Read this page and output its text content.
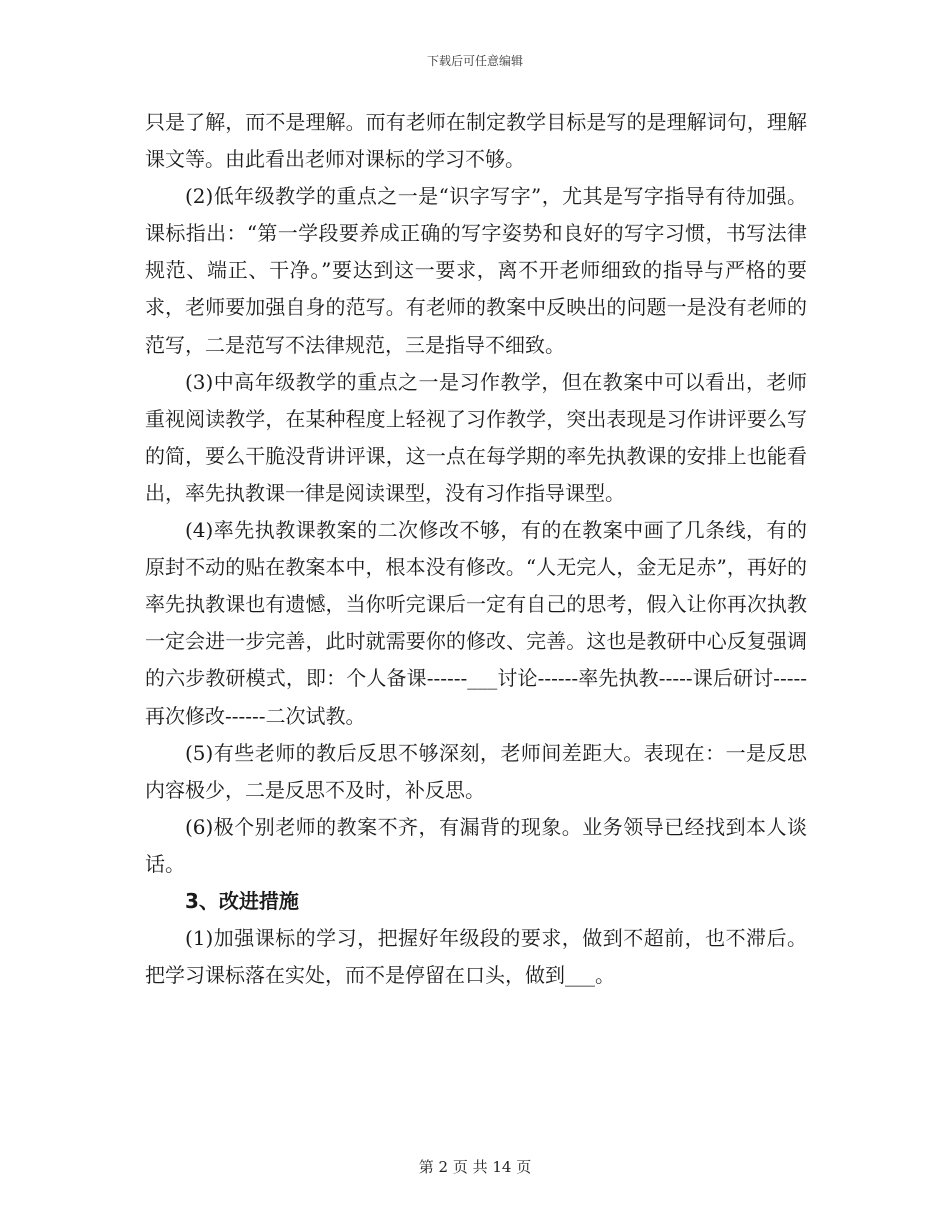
下载后可任意编辑

只是了解，而不是理解。而有老师在制定教学目标是写的是理解词句，理解课文等。由此看出老师对课标的学习不够。

(2)低年级教学的重点之一是“识字写字”，尤其是写字指导有待加强。课标指出：“第一学段要养成正确的写字姿势和良好的写字习惯，书写法律规范、端正、干净。”要达到这一要求，离不开老师细致的指导与严格的要求，老师要加强自身的范写。有老师的教案中反映出的问题一是没有老师的范写，二是范写不法律规范，三是指导不细致。

(3)中高年级教学的重点之一是习作教学，但在教案中可以看出，老师重视阅读教学，在某种程度上轻视了习作教学，突出表现是习作讲评要么写的简，要么干脆没背讲评课，这一点在每学期的率先执教课的安排上也能看出，率先执教课一律是阅读课型，没有习作指导课型。

(4)率先执教课教案的二次修改不够，有的在教案中画了几条线，有的原封不动的贴在教案本中，根本没有修改。“人无完人，金无足赤”，再好的率先执教课也有遗憾，当你听完课后一定有自己的思考，假入让你再次执教一定会进一步完善，此时就需要你的修改、完善。这也是教研中心反复强调的六步教研模式，即：个人备课------___讨论------率先执教-----课后研讨-----再次修改------二次试教。

(5)有些老师的教后反思不够深刻，老师间差距大。表现在：一是反思内容极少，二是反思不及时，补反思。

(6)极个别老师的教案不齐，有漏背的现象。业务领导已经找到本人谈话。

3、改进措施

(1)加强课标的学习，把握好年级段的要求，做到不超前，也不滞后。把学习课标落在实处，而不是停留在口头，做到___。

第 2 页 共 14 页
